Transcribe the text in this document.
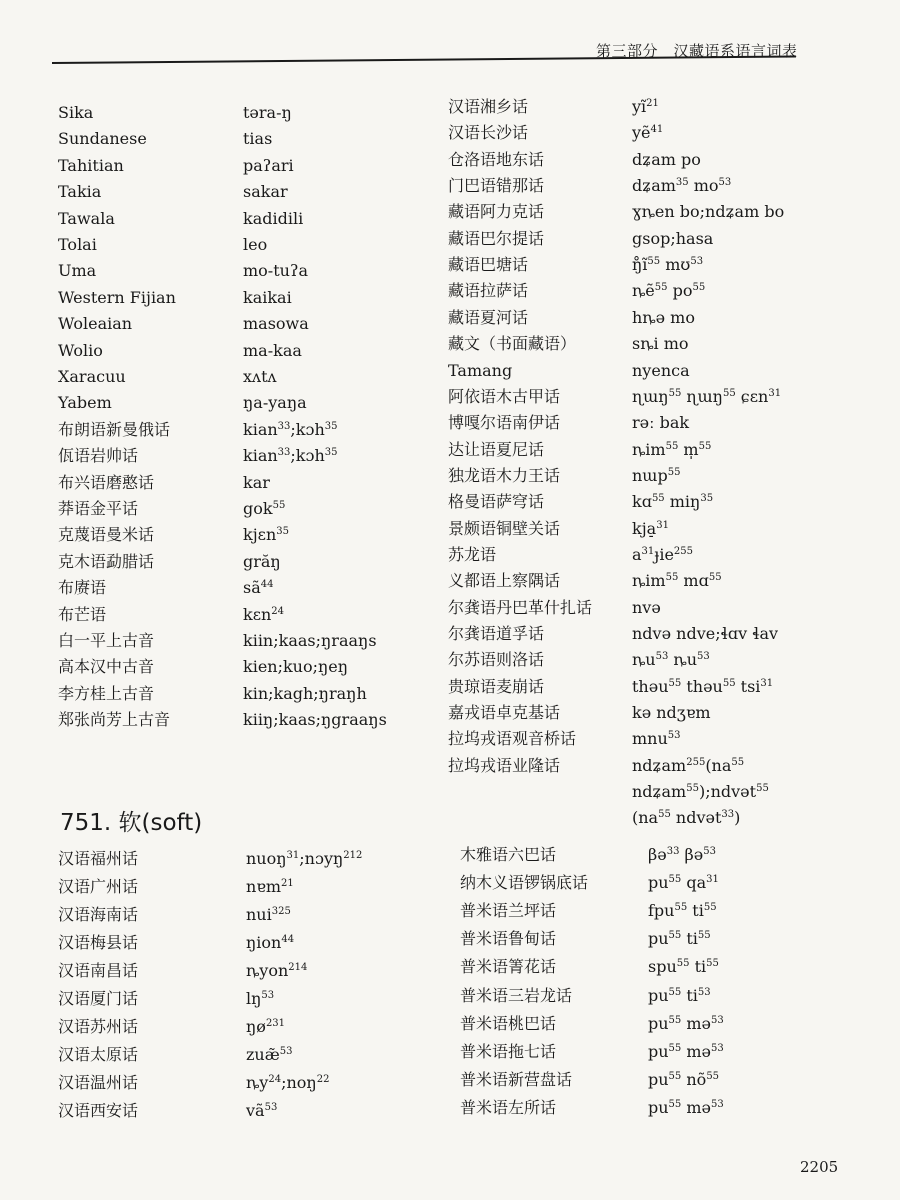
第三部分　汉藏语系语言词表
Sika	tərа-ŋ
Sundanese	tias
Tahitian	paʔari
Takia	sakar
Tawala	kadidili
Tolai	leo
Uma	mo-tuʔa
Western Fijian	kaikai
Woleaian	masowa
Wolio	ma-kaa
Xaracuu	xʌtʌ
Yabem	ŋa-yaŋa
布朗语新曼俄话	kian$^{33}$;kɔh$^{35}$
佤语岩帅话	kian$^{33}$;kɔh$^{35}$
布兴语磨憨话	kar
莽语金平话	gok$^{55}$
克蔑语曼米话	kjɛn$^{35}$
克木语勐腊话	grăŋ
布赓语	$sã^{44}$
布芒语	kɛn$^{24}$
白一平上古音	kiin;kaas;ŋraaŋs
高本汉中古音	kien;kuo;ŋeŋ
李方桂上古音	kin;kagh;ŋraŋh
郑张尚芳上古音	kiiŋ;kaas;ŋgraaŋs
汉语湘乡话	$yĩ^{21}$
汉语长沙话	yẽ$^{41}$
仓洛语地东话	dʑam po
门巴语错那话	dʑam$^{35}$ $mo^{53}$
藏语阿力克话	ɣȵen bo;ndʑam bo
藏语巴尔提话	gsop;hasa
藏语巴塘话	$ŋ̊ĩ^{55}$ mʊ$^{53}$
藏语拉萨话	ȵẽ$^{55}$ $po^{55}$
藏语夏河话	hȵə mo
藏文（书面藏语）	sȵi mo
Tamang	nyenca
阿依语木古甲话	ɳɯŋ$^{55}$ ɳɯŋ$^{55}$ ɕɛn$^{31}$
博嘎尔语南伊话	rəː bak
达让语夏尼话	ȵim$^{55}$ m̩$^{55}$
独龙语木力王话	nɯp$^{55}$
格曼语萨穹话	kɑ$^{55}$ miŋ$^{35}$
景颇语铜壁关话	kja̠$^{31}$
苏龙语	$a^{31}ɟie^{255}$
义都语上察隅话	ȵim$^{55}$ mɑ$^{55}$
尔龚语丹巴革什扎话 nvə
尔龚语道孚话	ndvə ndve;ɬɑv ɬav
尔苏语则洛话	$ȵu^{53}$ $ȵu^{53}$
贵琼语麦崩话	thəu$^{55}$ thəu$^{55}$ tsi$^{31}$
嘉戎语卓克基话	kə ndʒɐm
拉坞戎语观音桥话	mnu$^{53}$
拉坞戎语业隆话	$ndʑam^{255}(na^{55}$
ndʑam$^{55}$);ndvət$^{55}$
($na^{55}$ ndvət$^{33}$)
751. 软(soft)
汉语福州话	nuoŋ$^{31}$;nɔyŋ$^{212}$
汉语广州话	nɐm$^{21}$
汉语海南话	nui$^{325}$
汉语梅县话	ŋion$^{44}$
汉语南昌话	ȵyon$^{214}$
汉语厦门话	$lŋ^{53}$
汉语苏州话	$ŋø^{231}$
汉语太原话	zuæ̃$^{53}$
汉语温州话	$ȵy^{24};noŋ^{22}$
汉语西安话	$vã^{53}$
木雅语六巴话	βə$^{33}$ βə$^{53}$
纳木义语锣锅底话	$pu^{55}$ $qa^{31}$
普米语兰坪话	fpu$^{55}$ $ti^{55}$
普米语鲁甸话	$pu^{55}$ $ti^{55}$
普米语箐花话	spu$^{55}$ $ti^{55}$
普米语三岩龙话	$pu^{55}$ $ti^{53}$
普米语桃巴话	$pu^{55}$ mə$^{53}$
普米语拖七话	$pu^{55}$ mə$^{53}$
普米语新营盘话	$pu^{55}$ $nõ^{55}$
普米语左所话	$pu^{55}$ mə$^{53}$
2205
